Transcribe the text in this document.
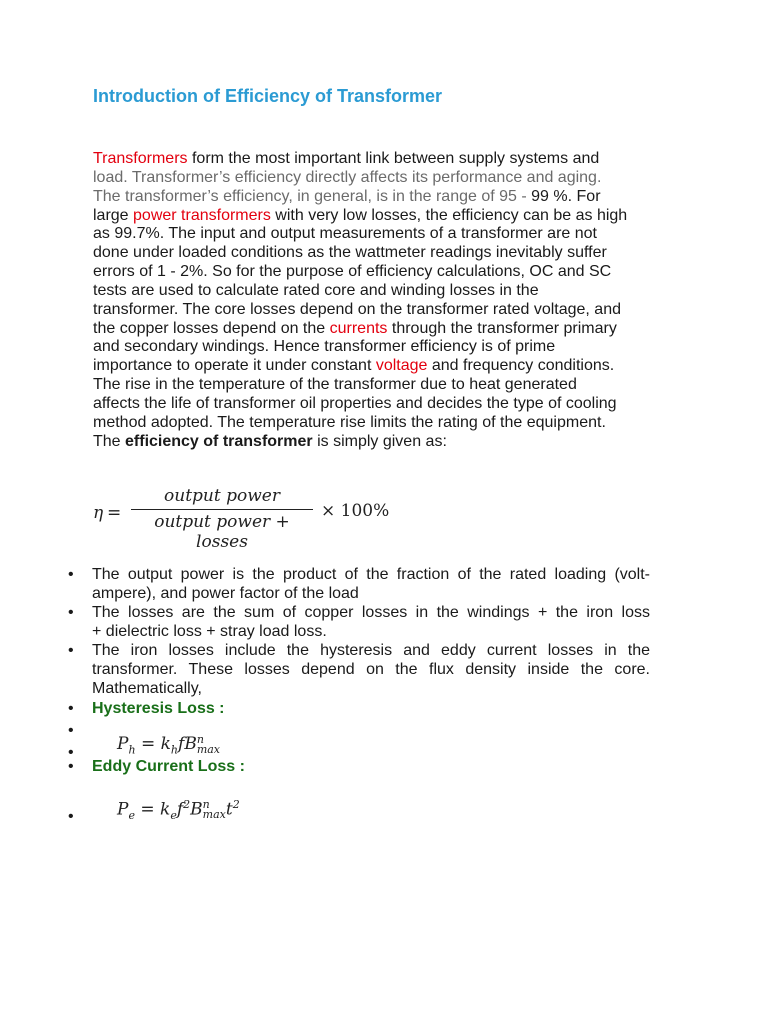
Introduction of Efficiency of Transformer
Transformers form the most important link between supply systems and
load. Transformer’s efficiency directly affects its performance and aging.
The transformer’s efficiency, in general, is in the range of 95 - 99 %. For
large power transformers with very low losses, the efficiency can be as high
as 99.7%. The input and output measurements of a transformer are not
done under loaded conditions as the wattmeter readings inevitably suffer
errors of 1 - 2%. So for the purpose of efficiency calculations, OC and SC
tests are used to calculate rated core and winding losses in the
transformer. The core losses depend on the transformer rated voltage, and
the copper losses depend on the currents through the transformer primary
and secondary windings. Hence transformer efficiency is of prime
importance to operate it under constant voltage and frequency conditions.
The rise in the temperature of the transformer due to heat generated
affects the life of transformer oil properties and decides the type of cooling
method adopted. The temperature rise limits the rating of the equipment.
The efficiency of transformer is simply given as:
η =
output power
output power + losses
× 100%
• The output power is the product of the fraction of the rated loading (volt-
ampere), and power factor of the load
• The losses are the sum of copper losses in the windings + the iron loss
+ dielectric loss + stray load loss.
• The iron losses include the hysteresis and eddy current losses in the
transformer. These losses depend on the flux density inside the core.
Mathematically,
• Hysteresis Loss :
•
•
• Eddy Current Loss :
•
$P_h = k_hfB$ n
max
$P_e = k_ef^2B$ n
$\max t^2$
